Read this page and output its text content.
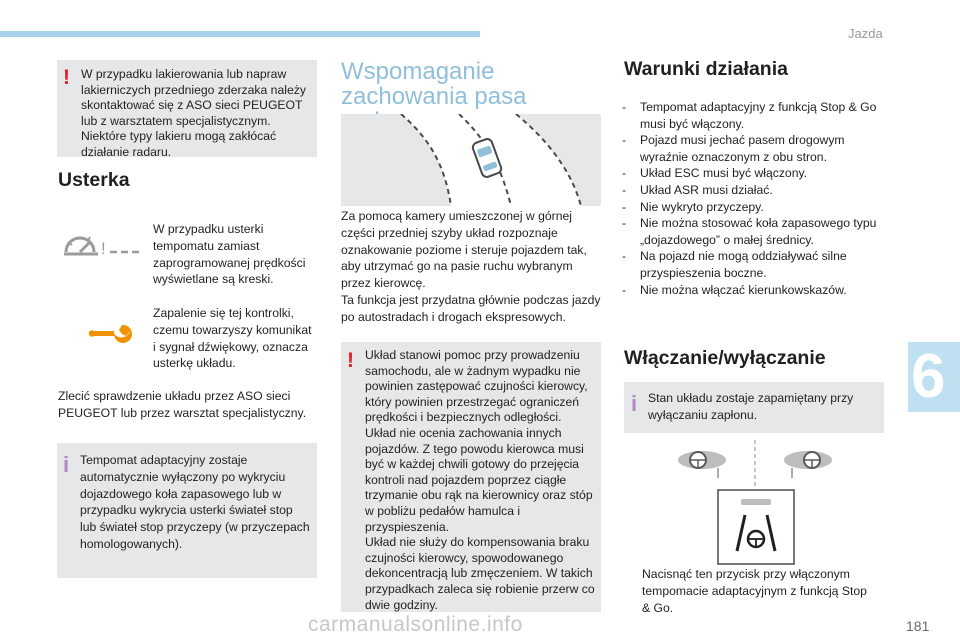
Jazda
6
! W przypadku lakierowania lub napraw lakierniczych przedniego zderzaka należy skontaktować się z ASO sieci PEUGEOT lub z warsztatem specjalistycznym.
Niektóre typy lakieru mogą zakłócać działanie radaru.
Usterka
!
W przypadku usterki tempomatu zamiast zaprogramowanej prędkości wyświetlane są kreski.
Zapalenie się tej kontrolki, czemu towarzyszy komunikat i sygnał dźwiękowy, oznacza usterkę układu.
Zlecić sprawdzenie układu przez ASO sieci PEUGEOT lub przez warsztat specjalistyczny.
i Tempomat adaptacyjny zostaje automatycznie wyłączony po wykryciu dojazdowego koła zapasowego lub w przypadku wykrycia usterki świateł stop lub świateł stop przyczepy (w przyczepach homologowanych).
Wspomaganie
zachowania pasa
Za pomocą kamery umieszczonej w górnej części przedniej szyby układ rozpoznaje oznakowanie poziome i steruje pojazdem tak, aby utrzymać go na pasie ruchu wybranym przez kierowcę.
Ta funkcja jest przydatna głównie podczas jazdy po autostradach i drogach ekspresowych.
! Układ stanowi pomoc przy prowadzeniu samochodu, ale w żadnym wypadku nie powinien zastępować czujności kierowcy, który powinien przestrzegać ograniczeń prędkości i bezpiecznych odległości.
Układ nie ocenia zachowania innych pojazdów. Z tego powodu kierowca musi być w każdej chwili gotowy do przejęcia kontroli nad pojazdem poprzez ciągłe trzymanie obu rąk na kierownicy oraz stóp w pobliżu pedałów hamulca i przyspieszenia.
Układ nie służy do kompensowania braku czujności kierowcy, spowodowanego dekoncentracją lub zmęczeniem. W takich przypadkach zaleca się robienie przerw co dwie godziny.
Warunki działania
- Tempomat adaptacyjny z funkcją Stop & Go musi być włączony.
- Pojazd musi jechać pasem drogowym wyraźnie oznaczonym z obu stron.
- Układ ESC musi być włączony.
- Układ ASR musi działać.
- Nie wykryto przyczepy.
- Nie można stosować koła zapasowego typu „dojazdowego” o małej średnicy.
- Na pojazd nie mogą oddziaływać silne przyspieszenia boczne.
- Nie można włączać kierunkowskazów.
Włączanie/wyłączanie
i Stan układu zostaje zapamiętany przy wyłączaniu zapłonu.
Nacisnąć ten przycisk przy włączonym tempomacie adaptacyjnym z funkcją Stop & Go.
carmanualsonline.info	181
